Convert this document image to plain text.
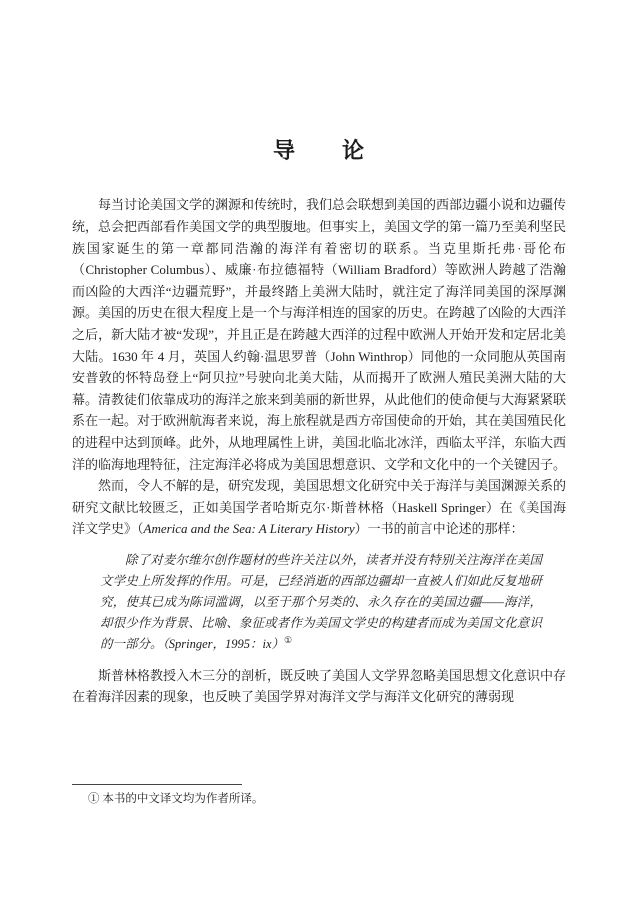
导　　论

每当讨论美国文学的渊源和传统时，我们总会联想到美国的西部边疆小说和边疆传统，总会把西部看作美国文学的典型腹地。但事实上，美国文学的第一篇乃至美利坚民族国家诞生的第一章都同浩瀚的海洋有着密切的联系。当克里斯托弗·哥伦布（Christopher Columbus）、威廉·布拉德福特（William Bradford）等欧洲人跨越了浩瀚而凶险的大西洋“边疆荒野”，并最终踏上美洲大陆时，就注定了海洋同美国的深厚渊源。美国的历史在很大程度上是一个与海洋相连的国家的历史。在跨越了凶险的大西洋之后，新大陆才被“发现”，并且正是在跨越大西洋的过程中欧洲人开始开发和定居北美大陆。1630 年 4 月，英国人约翰·温思罗普（John Winthrop）同他的一众同胞从英国南安普敦的怀特岛登上“阿贝拉”号驶向北美大陆，从而揭开了欧洲人殖民美洲大陆的大幕。清教徒们依靠成功的海洋之旅来到美丽的新世界，从此他们的使命便与大海紧紧联系在一起。对于欧洲航海者来说，海上旅程就是西方帝国使命的开始，其在美国殖民化的进程中达到顶峰。此外，从地理属性上讲，美国北临北冰洋，西临太平洋，东临大西洋的临海地理特征，注定海洋必将成为美国思想意识、文学和文化中的一个关键因子。

然而，令人不解的是，研究发现，美国思想文化研究中关于海洋与美国渊源关系的研究文献比较匮乏，正如美国学者哈斯克尔·斯普林格（Haskell Springer）在《美国海洋文学史》（America and the Sea: A Literary History）一书的前言中论述的那样：

除了对麦尔维尔创作题材的些许关注以外，读者并没有特别关注海洋在美国文学史上所发挥的作用。可是，已经消逝的西部边疆却一直被人们如此反复地研究，使其已成为陈词滥调，以至于那个另类的、永久存在的美国边疆——海洋，却很少作为背景、比喻、象征或者作为美国文学史的构建者而成为美国文化意识的一部分。（Springer，1995：ix）①

斯普林格教授入木三分的剖析，既反映了美国人文学界忽略美国思想文化意识中存在着海洋因素的现象，也反映了美国学界对海洋文学与海洋文化研究的薄弱现

① 本书的中文译文均为作者所译。
